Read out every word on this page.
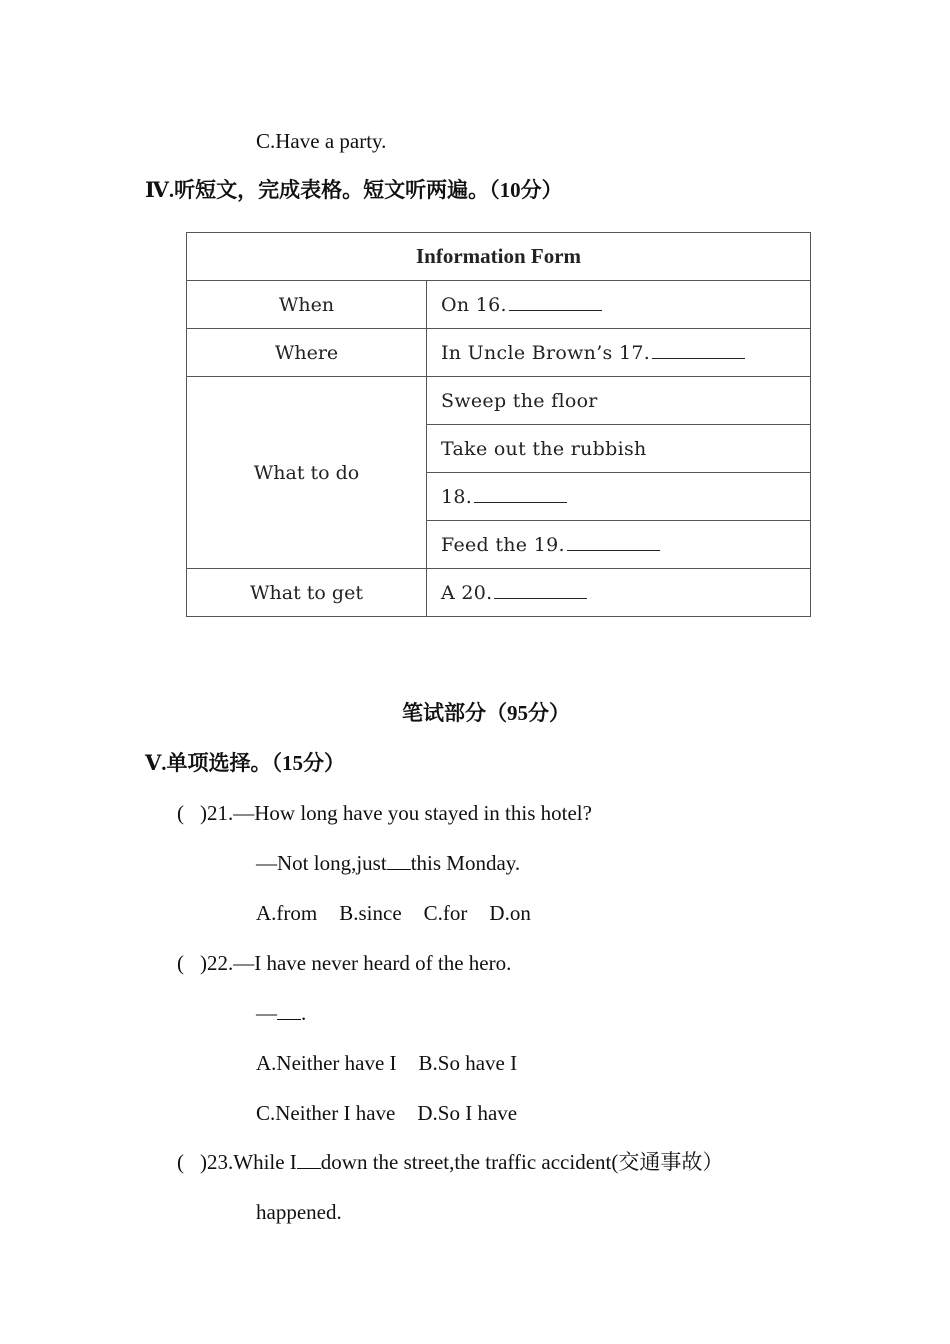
C.Have a party.
Ⅳ.听短文，完成表格。短文听两遍。（10分）
Information Form	
When	On 16.
Where	In Uncle Brown’s 17.
What to do	Sweep the floor
	Take out the rubbish
	18.
	Feed the 19.
What to get	A 20.
笔试部分（95分）
Ⅴ.单项选择。（15分）
( )21.—How long have you stayed in this hotel?
—Not long,just this Monday.
A.from B.since C.for D.on
( )22.—I have never heard of the hero.
— .
A.Neither have I B.So have I
C.Neither I have D.So I have
( )23.While I down the street,the traffic accident(交通事故）
happened.
